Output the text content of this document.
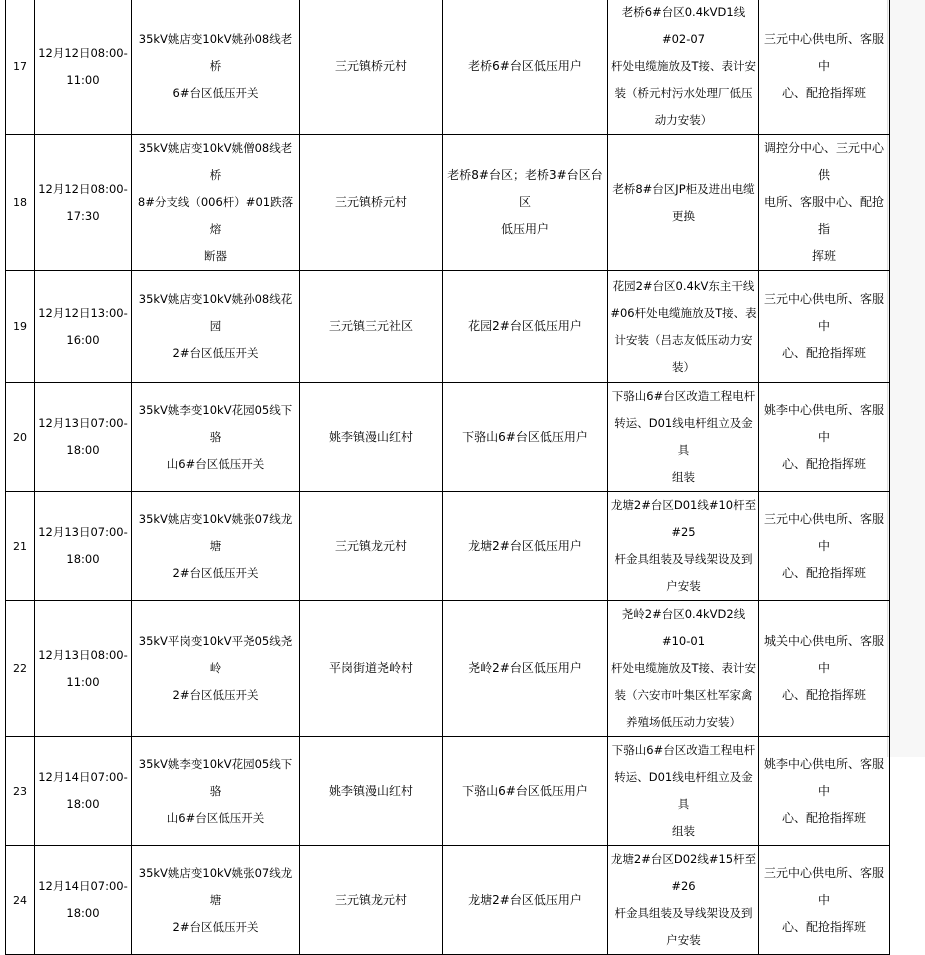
17	12月12日08:00-
11:00	35kV姚店变10kV姚孙08线老桥
6#台区低压开关	三元镇桥元村	老桥6#台区低压用户	老桥6#台区0.4kVD1线#02-07
杆处电缆施放及T接、表计安
装（桥元村污水处理厂低压
动力安装）	三元中心供电所、客服中
心、配抢指挥班

18	12月12日08:00-
17:30	35kV姚店变10kV姚僧08线老桥
8#分支线（006杆）#01跌落熔
断器	三元镇桥元村	老桥8#台区；老桥3#台区台区
低压用户	老桥8#台区JP柜及进出电缆
更换	调控分中心、三元中心供
电所、客服中心、配抢指
挥班

19	12月12日13:00-
16:00	35kV姚店变10kV姚孙08线花园
2#台区低压开关	三元镇三元社区	花园2#台区低压用户	花园2#台区0.4kV东主干线
#06杆处电缆施放及T接、表
计安装（吕志友低压动力安
装）	三元中心供电所、客服中
心、配抢指挥班

20	12月13日07:00-
18:00	35kV姚李变10kV花园05线下骆
山6#台区低压开关	姚李镇漫山红村	下骆山6#台区低压用户	下骆山6#台区改造工程电杆
转运、D01线电杆组立及金具
组装	姚李中心供电所、客服中
心、配抢指挥班

21	12月13日07:00-
18:00	35kV姚店变10kV姚张07线龙塘
2#台区低压开关	三元镇龙元村	龙塘2#台区低压用户	龙塘2#台区D01线#10杆至#25
杆金具组装及导线架设及到
户安装	三元中心供电所、客服中
心、配抢指挥班

22	12月13日08:00-
11:00	35kV平岗变10kV平尧05线尧岭
2#台区低压开关	平岗街道尧岭村	尧岭2#台区低压用户	尧岭2#台区0.4kVD2线#10-01
杆处电缆施放及T接、表计安
装（六安市叶集区杜军家禽
养殖场低压动力安装）	城关中心供电所、客服中
心、配抢指挥班

23	12月14日07:00-
18:00	35kV姚李变10kV花园05线下骆
山6#台区低压开关	姚李镇漫山红村	下骆山6#台区低压用户	下骆山6#台区改造工程电杆
转运、D01线电杆组立及金具
组装	姚李中心供电所、客服中
心、配抢指挥班

24	12月14日07:00-
18:00	35kV姚店变10kV姚张07线龙塘
2#台区低压开关	三元镇龙元村	龙塘2#台区低压用户	龙塘2#台区D02线#15杆至#26
杆金具组装及导线架设及到
户安装	三元中心供电所、客服中
心、配抢指挥班
